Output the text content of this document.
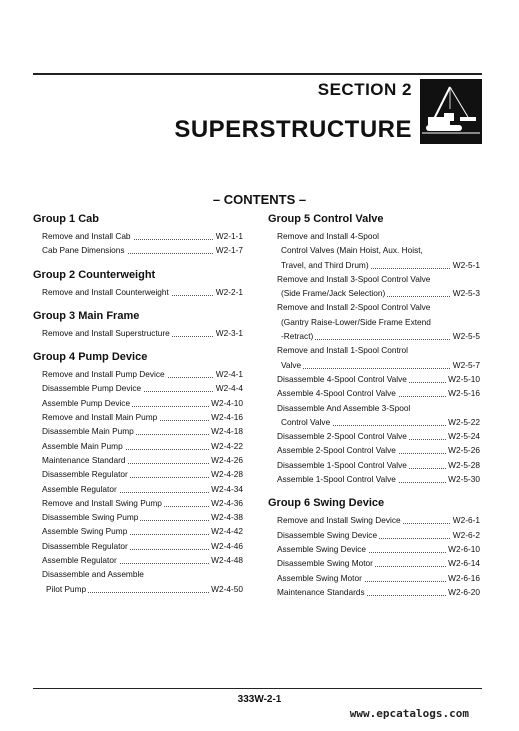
SECTION 2
SUPERSTRUCTURE
– CONTENTS –
Group 1 Cab
Remove and Install Cab	W2-1-1
Cab Pane Dimensions	W2-1-7
Group 2 Counterweight
Remove and Install Counterweight	W2-2-1
Group 3 Main Frame
Remove and Install Superstructure	W2-3-1
Group 4 Pump Device
Remove and Install Pump Device	W2-4-1
Disassemble Pump Device	W2-4-4
Assemble Pump Device	W2-4-10
Remove and Install Main Pump	W2-4-16
Disassemble Main Pump	W2-4-18
Assemble Main Pump	W2-4-22
Maintenance Standard	W2-4-26
Disassemble Regulator	W2-4-28
Assemble Regulator	W2-4-34
Remove and Install Swing Pump	W2-4-36
Disassemble Swing Pump	W2-4-38
Assemble Swing Pump	W2-4-42
Disassemble Regulator	W2-4-46
Assemble Regulator	W2-4-48
Disassemble and Assemble
Pilot Pump	W2-4-50
Group 5 Control Valve
Remove and Install 4-Spool
Control Valves (Main Hoist, Aux. Hoist,
Travel, and Third Drum)	W2-5-1
Remove and Install 3-Spool Control Valve
(Side Frame/Jack Selection)	W2-5-3
Remove and Install 2-Spool Control Valve
(Gantry Raise-Lower/Side Frame Extend
-Retract)	W2-5-5
Remove and Install 1-Spool Control
Valve	W2-5-7
Disassemble 4-Spool Control Valve	W2-5-10
Assemble 4-Spool Control Valve	W2-5-16
Disassemble And Assemble 3-Spool
Control Valve	W2-5-22
Disassemble 2-Spool Control Valve	W2-5-24
Assemble 2-Spool Control Valve	W2-5-26
Disassemble 1-Spool Control Valve	W2-5-28
Assemble 1-Spool Control Valve	W2-5-30
Group 6 Swing Device
Remove and Install Swing Device	W2-6-1
Disassemble Swing Device	W2-6-2
Assemble Swing Device	W2-6-10
Disassemble Swing Motor	W2-6-14
Assemble Swing Motor	W2-6-16
Maintenance Standards	W2-6-20
333W-2-1
www.epcatalogs.com
